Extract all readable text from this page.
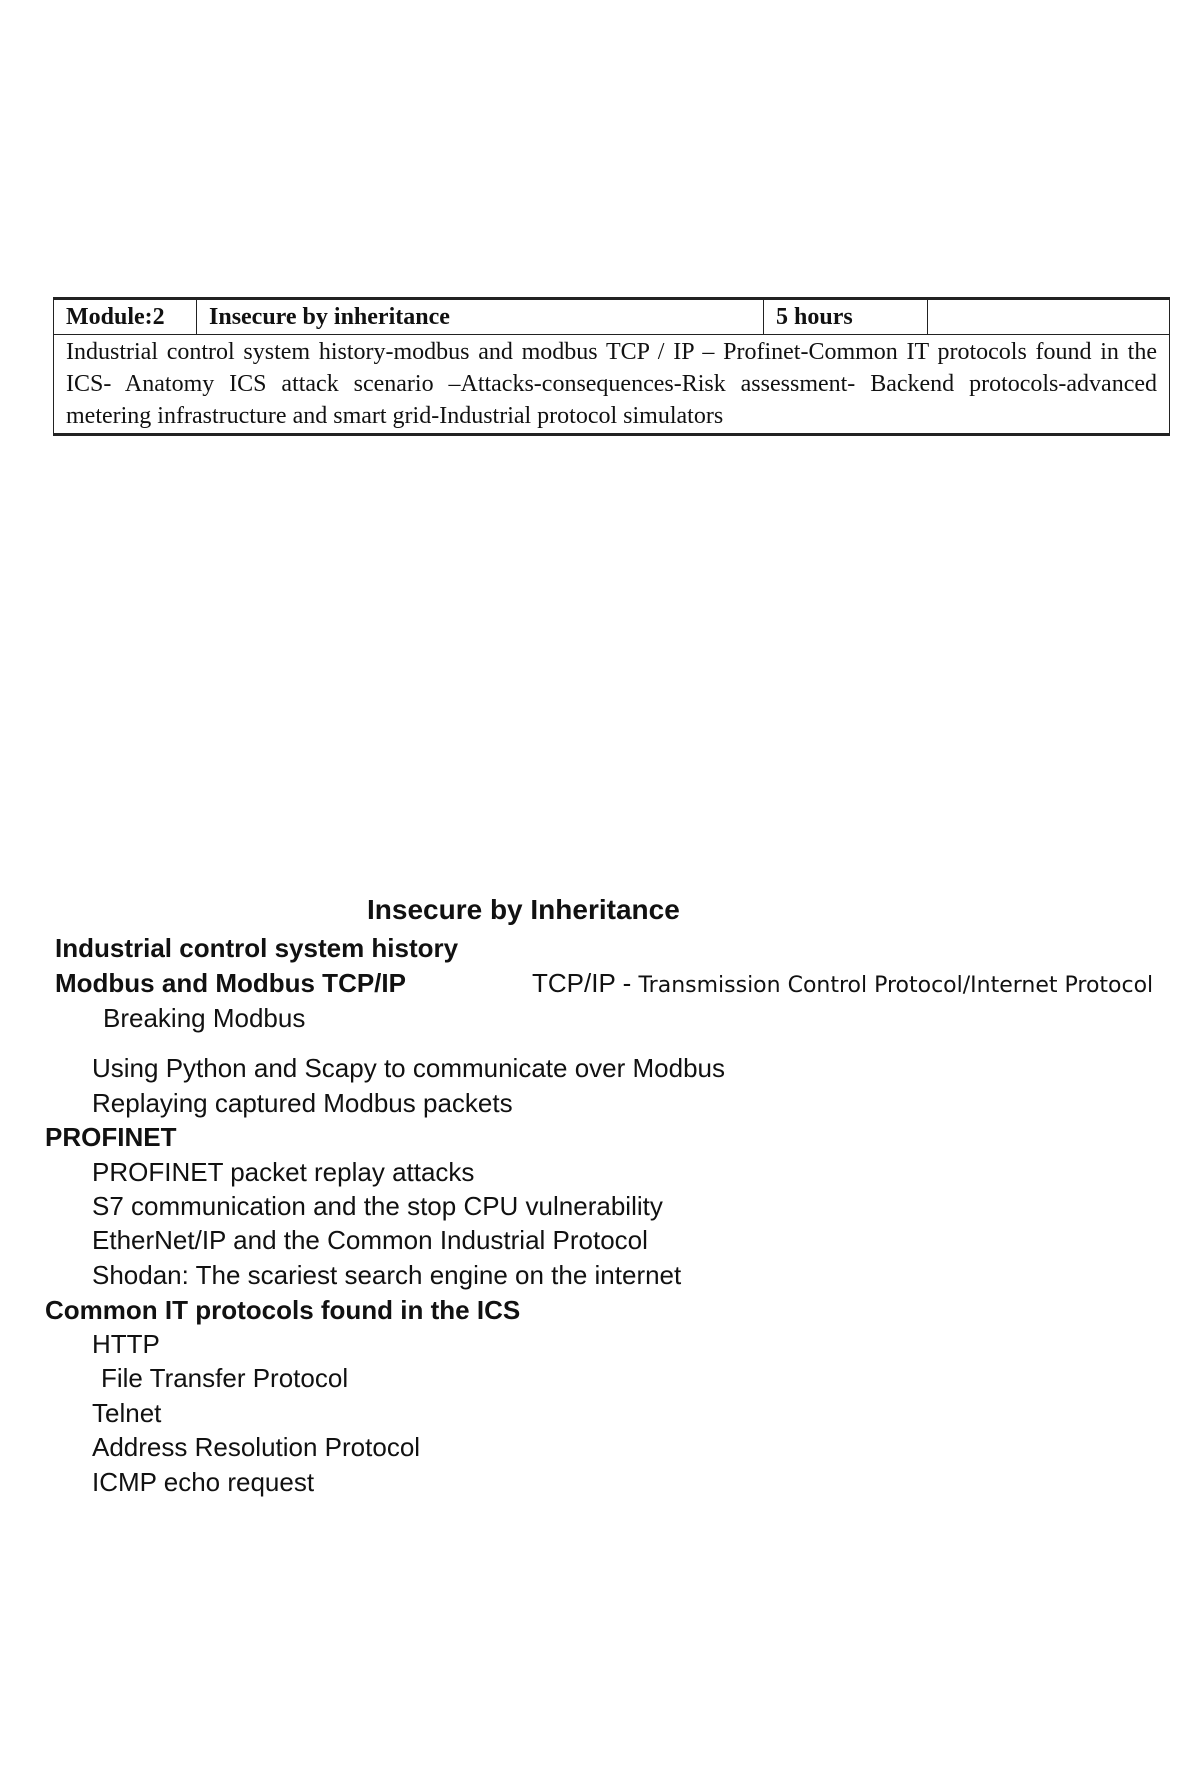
Module:2	Insecure by inheritance	5 hours	
Industrial control system history-modbus and modbus TCP / IP – Profinet-Common IT protocols found in the ICS- Anatomy ICS attack scenario –Attacks-consequences-Risk assessment- Backend protocols-advanced metering infrastructure and smart grid-Industrial protocol simulators
Insecure by Inheritance
Industrial control system history
Modbus and Modbus TCP/IP	TCP/IP - Transmission Control Protocol/Internet Protocol
Breaking Modbus
Using Python and Scapy to communicate over Modbus
Replaying captured Modbus packets
PROFINET
PROFINET packet replay attacks
S7 communication and the stop CPU vulnerability
EtherNet/IP and the Common Industrial Protocol
Shodan: The scariest search engine on the internet
Common IT protocols found in the ICS
HTTP
File Transfer Protocol
Telnet
Address Resolution Protocol
ICMP echo request
